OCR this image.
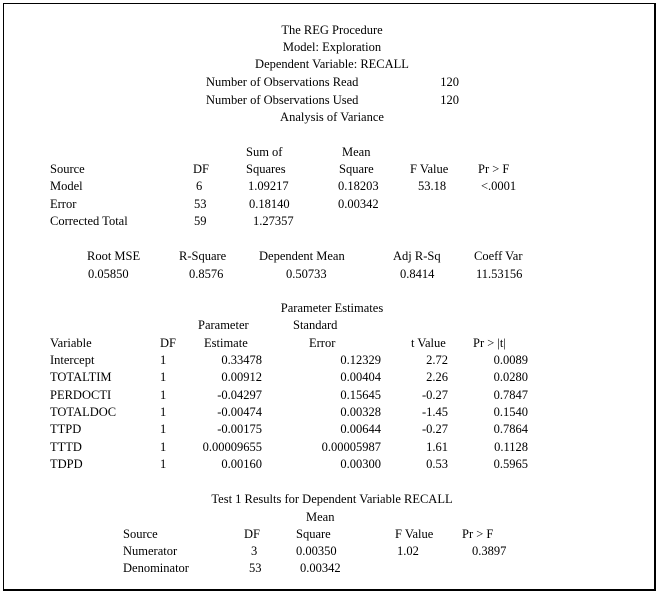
The REG Procedure
Model: Exploration
Dependent Variable: RECALL
Number of Observations Read	120
Number of Observations Used	120
Analysis of Variance
Sum of	Mean
Source	DF	Squares	Square	F Value Pr > F
Model	6	1.09217	0.18203	53.18	<.0001
Error	53	0.18140	0.00342
Corrected Total	59	1.27357
Root MSE	R-Square	Dependent Mean	Adj R-Sq	Coeff Var
0.05850	0.8576	0.50733	0.8414	11.53156
Parameter Estimates
Parameter	Standard
Variable	DF Estimate	Error	t Value Pr > |t|
Intercept	1	0.33478	0.12329	2.72	0.0089
TOTALTIM	1	0.00912	0.00404	2.26	0.0280
PERDOCTI	1	-0.04297	0.15645	-0.27	0.7847
TOTALDOC	1	-0.00474	0.00328	-1.45	0.1540
TTPD	1	-0.00175	0.00644	-0.27	0.7864
TTTD	1	0.00009655	0.00005987	1.61	0.1128
TDPD	1	0.00160	0.00300	0.53	0.5965
Test 1 Results for Dependent Variable RECALL
Mean
Source	DF	Square	F Value Pr > F
Numerator	3	0.00350	1.02	0.3897
Denominator	53	0.00342
